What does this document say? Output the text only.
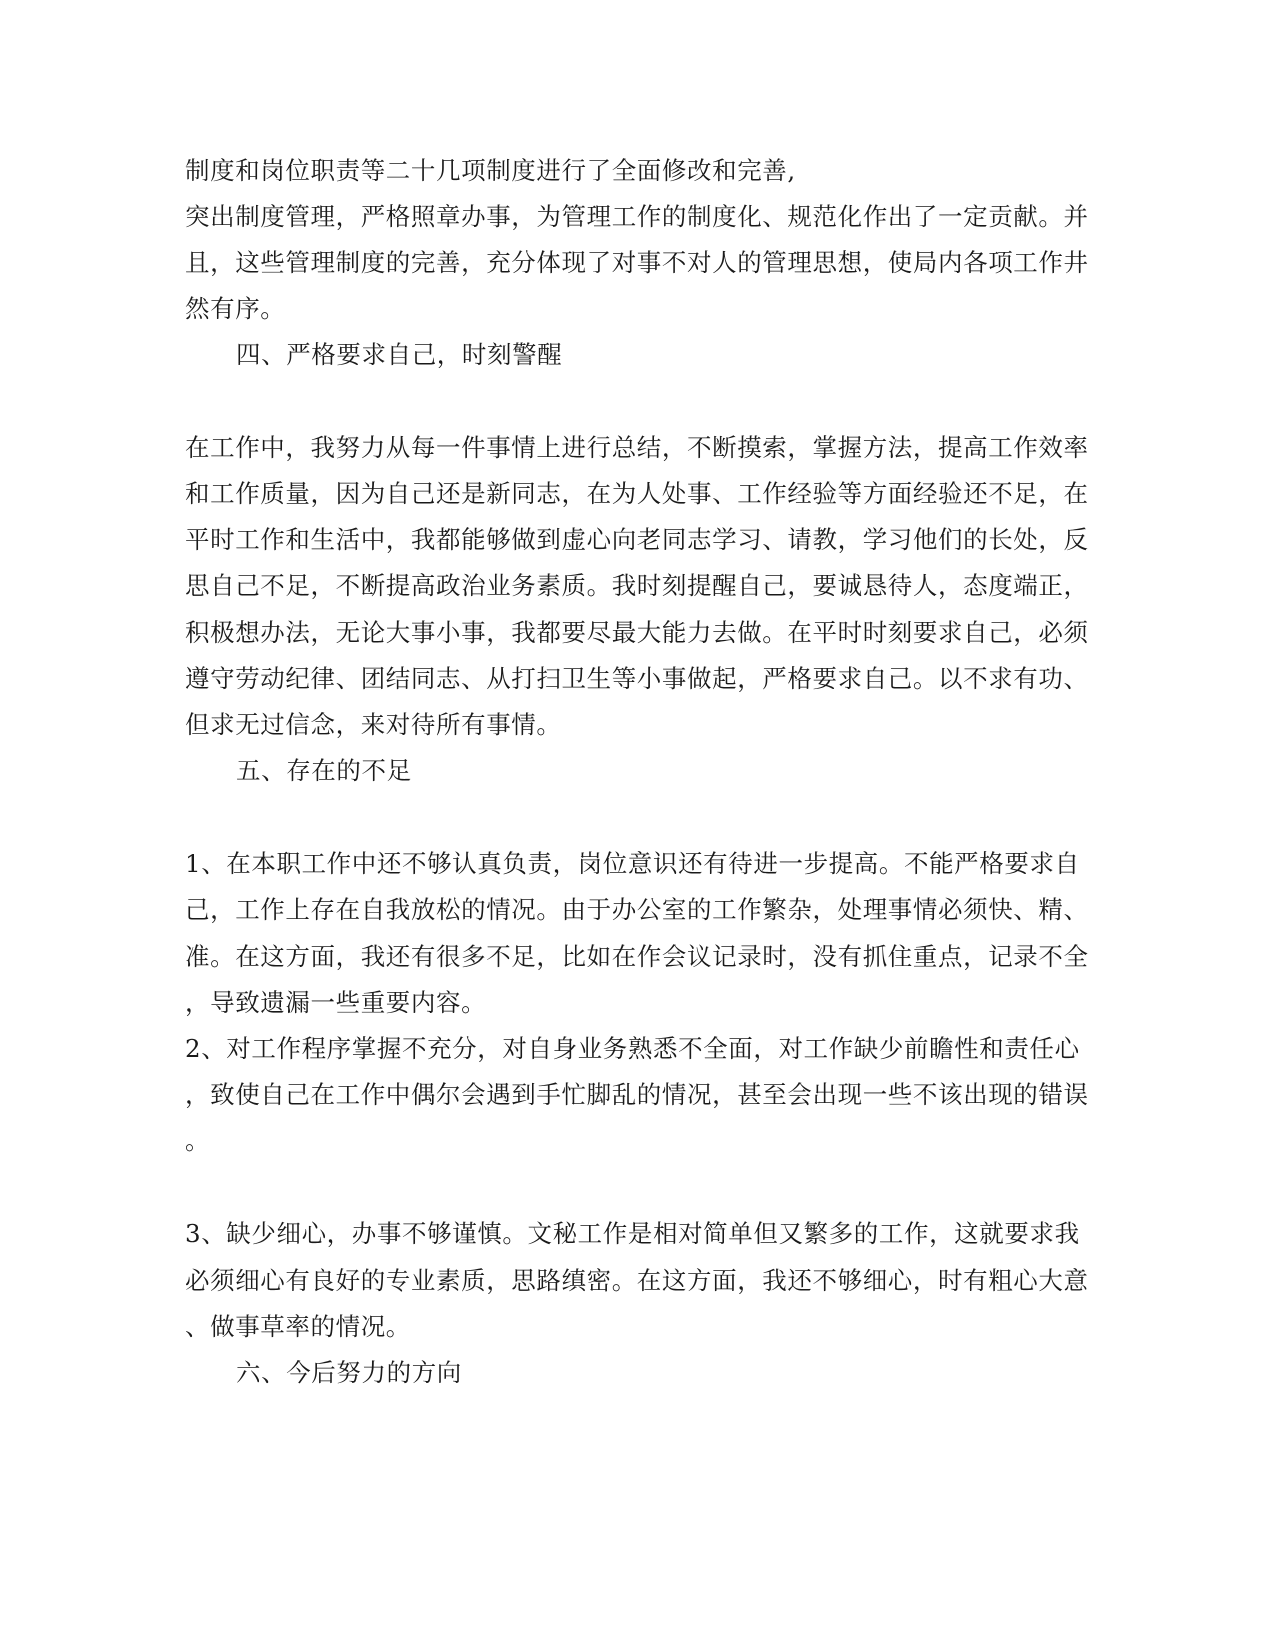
制度和岗位职责等二十几项制度进行了全面修改和完善,
突出制度管理，严格照章办事，为管理工作的制度化、规范化作出了一定贡献。并
且，这些管理制度的完善，充分体现了对事不对人的管理思想，使局内各项工作井
然有序。
四、严格要求自己，时刻警醒
在工作中，我努力从每一件事情上进行总结，不断摸索，掌握方法，提高工作效率
和工作质量，因为自己还是新同志，在为人处事、工作经验等方面经验还不足，在
平时工作和生活中，我都能够做到虚心向老同志学习、请教，学习他们的长处，反
思自己不足，不断提高政治业务素质。我时刻提醒自己，要诚恳待人，态度端正，
积极想办法，无论大事小事，我都要尽最大能力去做。在平时时刻要求自己，必须
遵守劳动纪律、团结同志、从打扫卫生等小事做起，严格要求自己。以不求有功、
但求无过信念，来对待所有事情。
五、存在的不足
1、在本职工作中还不够认真负责，岗位意识还有待进一步提高。不能严格要求自
己，工作上存在自我放松的情况。由于办公室的工作繁杂，处理事情必须快、精、
准。在这方面，我还有很多不足，比如在作会议记录时，没有抓住重点，记录不全
，导致遗漏一些重要内容。
2、对工作程序掌握不充分，对自身业务熟悉不全面，对工作缺少前瞻性和责任心
，致使自己在工作中偶尔会遇到手忙脚乱的情况，甚至会出现一些不该出现的错误
。
3、缺少细心，办事不够谨慎。文秘工作是相对简单但又繁多的工作，这就要求我
必须细心有良好的专业素质，思路缜密。在这方面，我还不够细心，时有粗心大意
、做事草率的情况。
六、今后努力的方向
